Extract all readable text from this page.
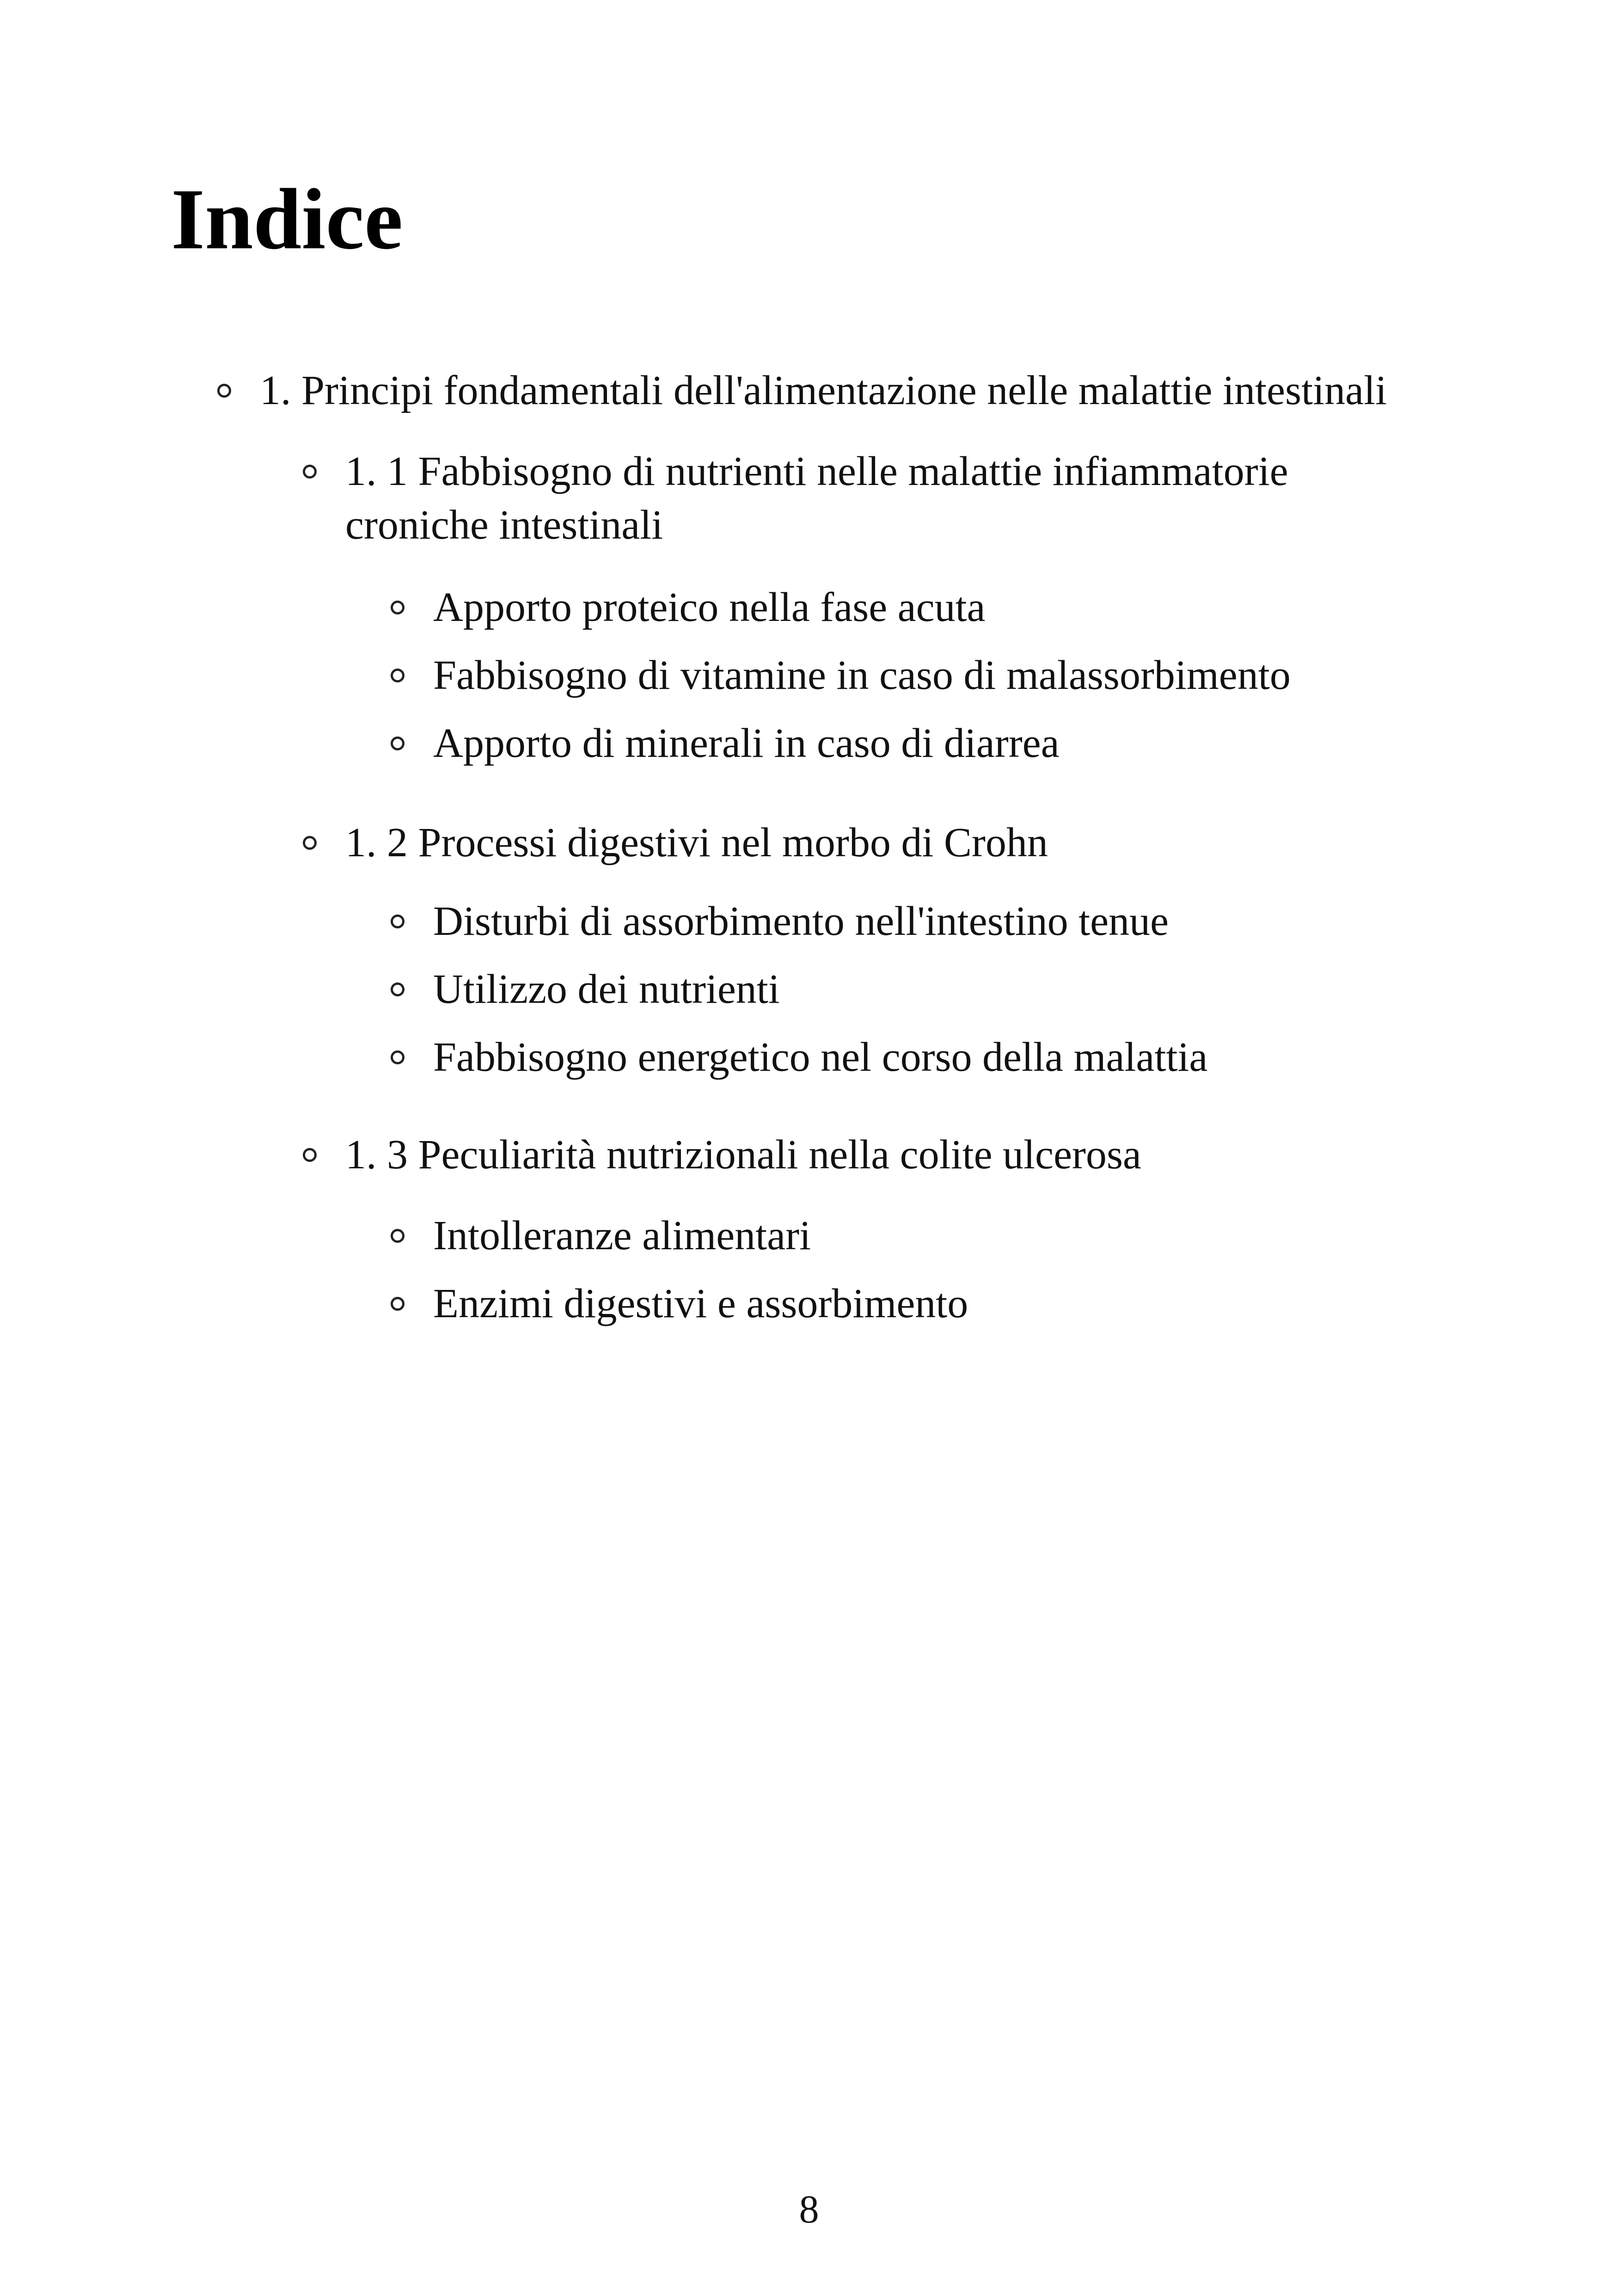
Indice
1. Principi fondamentali dell'alimentazione nelle malattie intestinali
1. 1 Fabbisogno di nutrienti nelle malattie infiammatorie croniche intestinali
Apporto proteico nella fase acuta
Fabbisogno di vitamine in caso di malassorbimento
Apporto di minerali in caso di diarrea
1. 2 Processi digestivi nel morbo di Crohn
Disturbi di assorbimento nell'intestino tenue
Utilizzo dei nutrienti
Fabbisogno energetico nel corso della malattia
1. 3 Peculiarità nutrizionali nella colite ulcerosa
Intolleranze alimentari
Enzimi digestivi e assorbimento
8
